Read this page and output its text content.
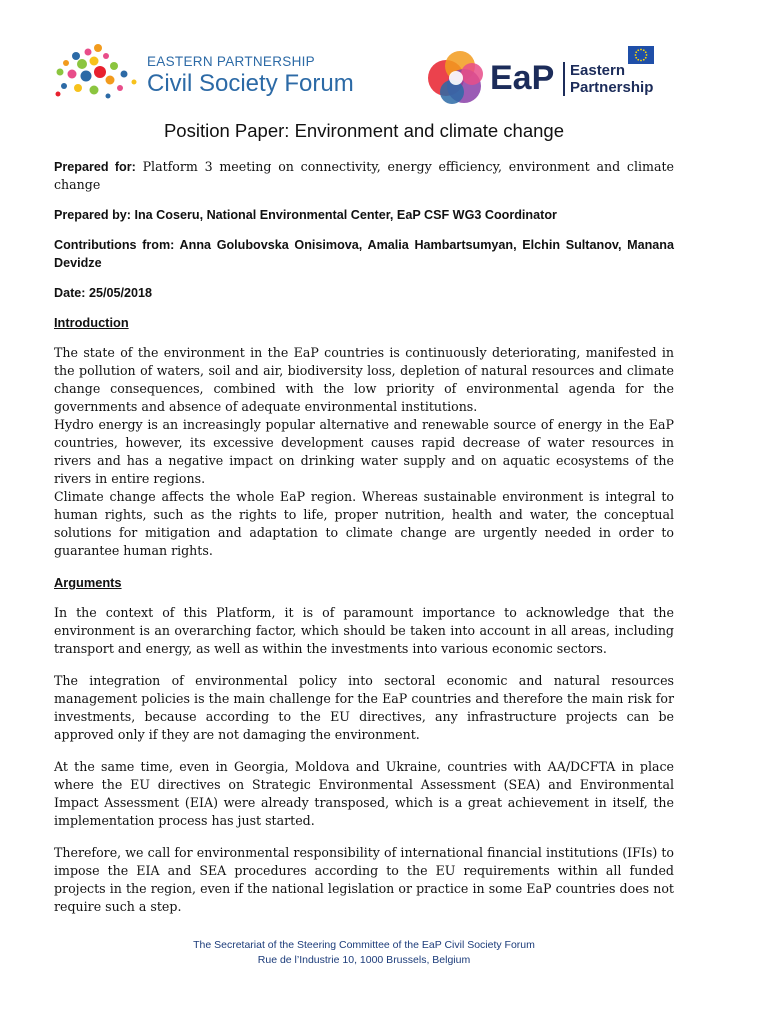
EASTERN PARTNERSHIP
Civil Society Forum	EaP Eastern
Partnership
Position Paper: Environment and climate change

Prepared for: Platform 3 meeting on connectivity, energy efficiency, environment and climate change

Prepared by: Ina Coseru, National Environmental Center, EaP CSF WG3 Coordinator

Contributions from: Anna Golubovska Onisimova, Amalia Hambartsumyan, Elchin Sultanov, Manana Devidze

Date: 25/05/2018

Introduction

The state of the environment in the EaP countries is continuously deteriorating, manifested in the pollution of waters, soil and air, biodiversity loss, depletion of natural resources and climate change consequences, combined with the low priority of environmental agenda for the governments and absence of adequate environmental institutions.

Hydro energy is an increasingly popular alternative and renewable source of energy in the EaP countries, however, its excessive development causes rapid decrease of water resources in rivers and has a negative impact on drinking water supply and on aquatic ecosystems of the rivers in entire regions.

Climate change affects the whole EaP region. Whereas sustainable environment is integral to human rights, such as the rights to life, proper nutrition, health and water, the conceptual solutions for mitigation and adaptation to climate change are urgently needed in order to guarantee human rights.

Arguments

In the context of this Platform, it is of paramount importance to acknowledge that the environment is an overarching factor, which should be taken into account in all areas, including transport and energy, as well as within the investments into various economic sectors.

The integration of environmental policy into sectoral economic and natural resources management policies is the main challenge for the EaP countries and therefore the main risk for investments, because according to the EU directives, any infrastructure projects can be approved only if they are not damaging the environment.

At the same time, even in Georgia, Moldova and Ukraine, countries with AA/DCFTA in place where the EU directives on Strategic Environmental Assessment (SEA) and Environmental Impact Assessment (EIA) were already transposed, which is a great achievement in itself, the implementation process has just started.

Therefore, we call for environmental responsibility of international financial institutions (IFIs) to impose the EIA and SEA procedures according to the EU requirements within all funded projects in the region, even if the national legislation or practice in some EaP countries does not require such a step.

The Secretariat of the Steering Committee of the EaP Civil Society Forum
Rue de l’Industrie 10, 1000 Brussels, Belgium
